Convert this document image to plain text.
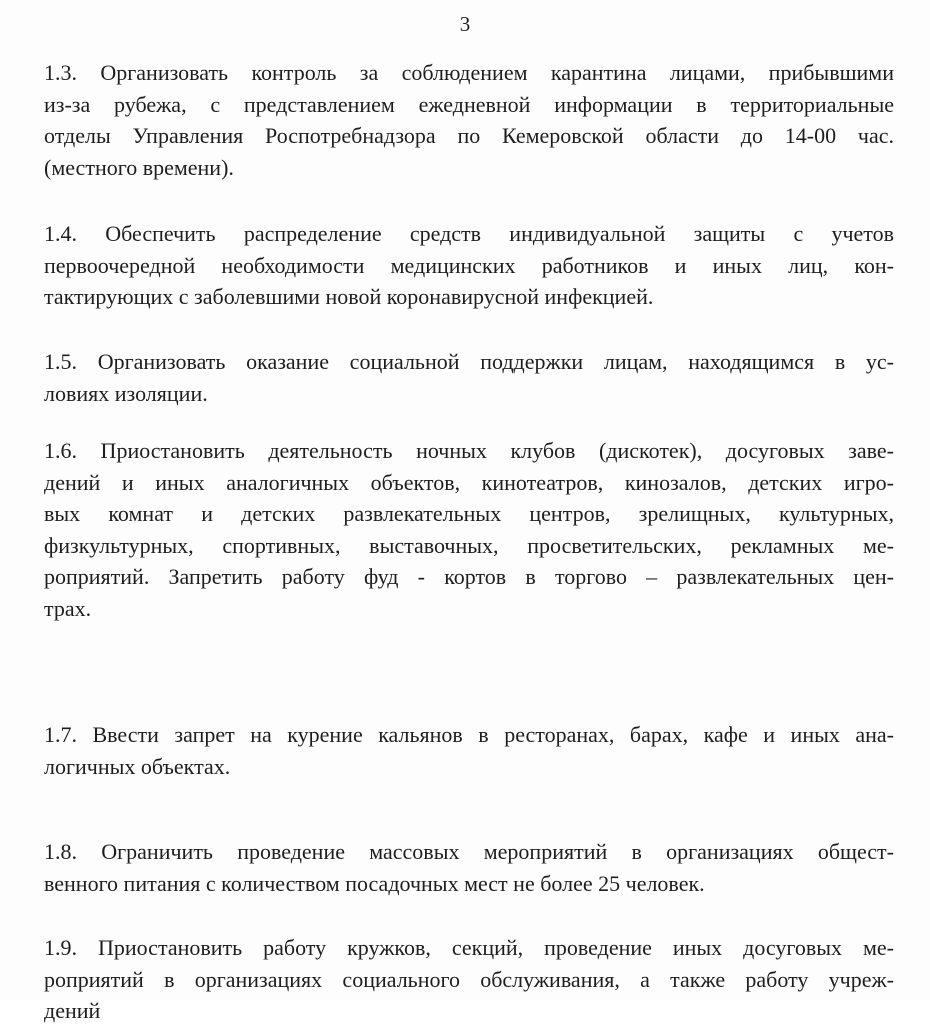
3
1.3. Организовать контроль за соблюдением карантина лицами, прибывшими
из-за рубежа, с представлением ежедневной информации в территориальные
отделы Управления Роспотребнадзора по Кемеровской области до 14-00 час.
(местного времени).
1.4. Обеспечить распределение средств индивидуальной защиты с учетов
первоочередной необходимости медицинских работников и иных лиц, кон-
тактирующих с заболевшими новой коронавирусной инфекцией.
1.5. Организовать оказание социальной поддержки лицам, находящимся в ус-
ловиях изоляции.
1.6. Приостановить деятельность ночных клубов (дискотек), досуговых заве-
дений и иных аналогичных объектов, кинотеатров, кинозалов, детских игро-
вых комнат и детских развлекательных центров, зрелищных, культурных,
физкультурных, спортивных, выставочных, просветительских, рекламных ме-
роприятий. Запретить работу фуд - кортов в торгово – развлекательных цен-
трах.
1.7. Ввести запрет на курение кальянов в ресторанах, барах, кафе и иных ана-
логичных объектах.
1.8. Ограничить проведение массовых мероприятий в организациях общест-
венного питания с количеством посадочных мест не более 25 человек.
1.9. Приостановить работу кружков, секций, проведение иных досуговых ме-
роприятий в организациях социального обслуживания, а также работу учреж-
дений
